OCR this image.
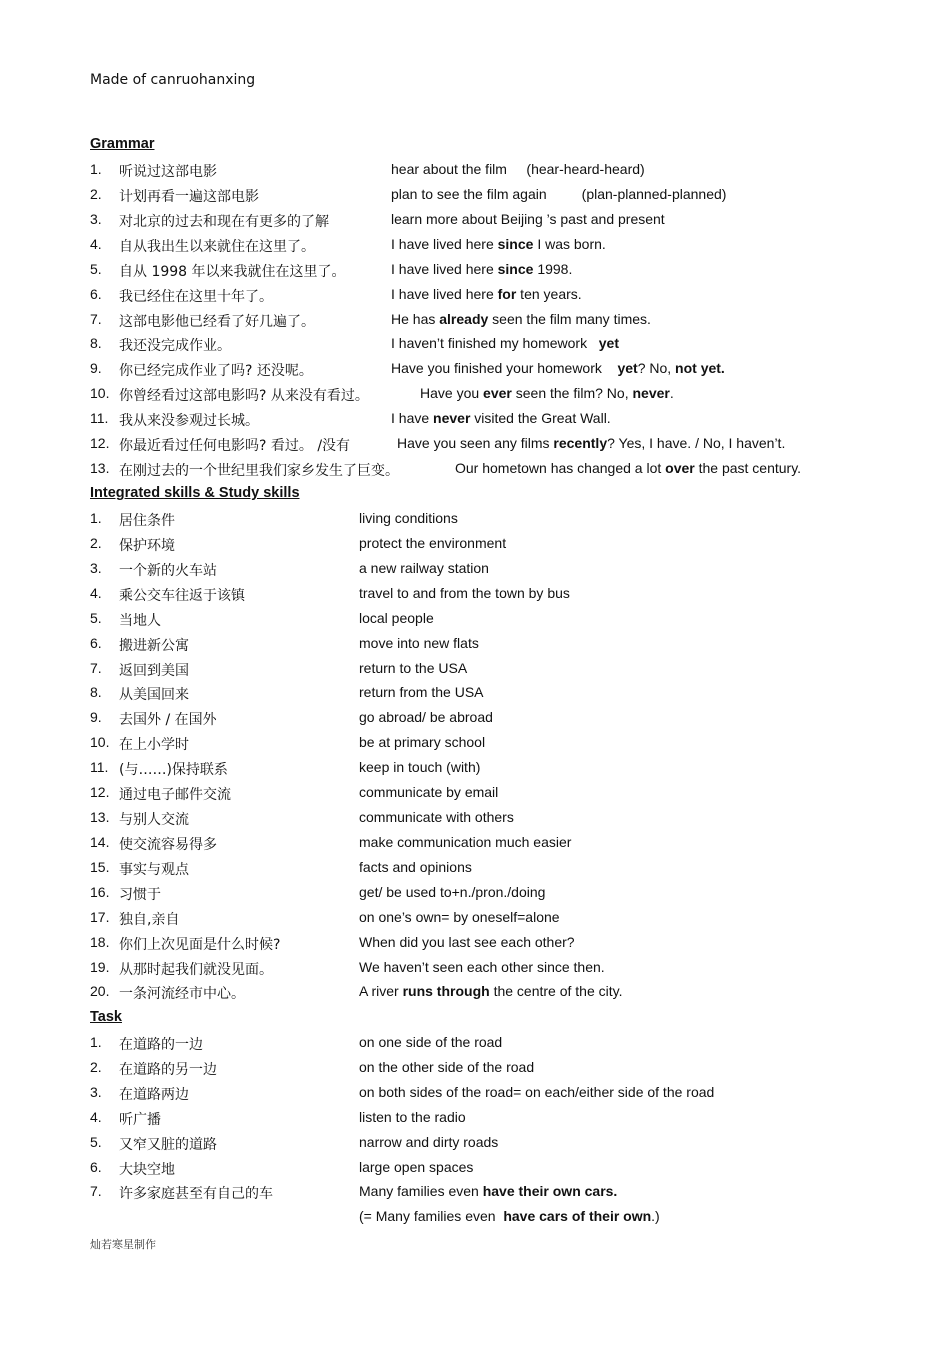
Made of canruohanxing
Grammar
1. 听说过这部电影	hear about the film     (hear-heard-heard)
2. 计划再看一遍这部电影	plan to see the film again         (plan-planned-planned)
3. 对北京的过去和现在有更多的了解	learn more about Beijing ’s past and present
4. 自从我出生以来就住在这里了。	I have lived here since I was born.
5. 自从 1998 年以来我就住在这里了。	I have lived here since 1998.
6. 我已经住在这里十年了。	I have lived here for ten years.
7. 这部电影他已经看了好几遍了。	He has already seen the film many times.
8. 我还没完成作业。	I haven’t finished my homework   yet
9. 你已经完成作业了吗? 还没呢。	Have you finished your homework    yet? No, not yet.
10. 你曾经看过这部电影吗? 从来没有看过。	Have you ever seen the film? No, never.
11. 我从来没参观过长城。	I have never visited the Great Wall.
12. 你最近看过任何电影吗? 看过。 /没有	Have you seen any films recently? Yes, I have. / No, I haven’t.
13. 在刚过去的一个世纪里我们家乡发生了巨变。	Our hometown has changed a lot over the past century.
Integrated skills & Study skills
1. 居住条件	living conditions
2. 保护环境	protect the environment
3. 一个新的火车站	a new railway station
4. 乘公交车往返于该镇	travel to and from the town by bus
5. 当地人	local people
6. 搬进新公寓	move into new flats
7. 返回到美国	return to the USA
8. 从美国回来	return from the USA
9. 去国外 / 在国外	go abroad/ be abroad
10. 在上小学时	be at primary school
11. (与……)保持联系	keep in touch (with)
12. 通过电子邮件交流	communicate by email
13. 与别人交流	communicate with others
14. 使交流容易得多	make communication much easier
15. 事实与观点	facts and opinions
16. 习惯于	get/ be used to+n./pron./doing
17. 独自,亲自	on one’s own= by oneself=alone
18. 你们上次见面是什么时候?	When did you last see each other?
19. 从那时起我们就没见面。	We haven’t seen each other since then.
20. 一条河流经市中心。	A river runs through the centre of the city.
Task
1. 在道路的一边	on one side of the road
2. 在道路的另一边	on the other side of the road
3. 在道路两边	on both sides of the road= on each/either side of the road
4. 听广播	listen to the radio
5. 又窄又脏的道路	narrow and dirty roads
6. 大块空地	large open spaces
7. 许多家庭甚至有自己的车	Many families even have their own cars.
(= Many families even  have cars of their own.)
灿若寒星制作
